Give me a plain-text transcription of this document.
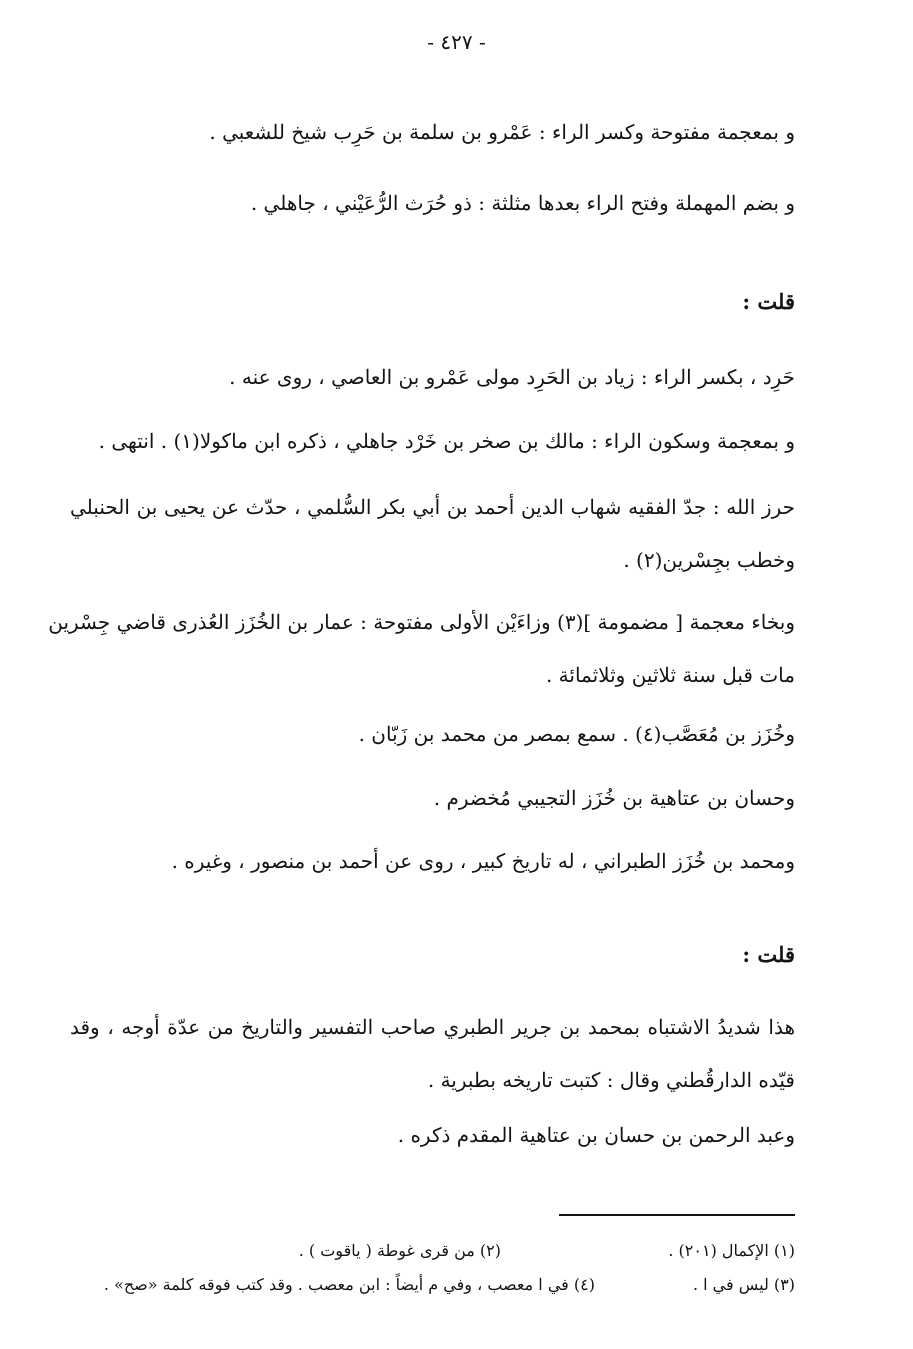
- ٤٢٧ -
و بمعجمة مفتوحة وكسر الراء : عَمْرو بن سلمة بن حَرِب شيخ للشعبي .
و بضم المهملة وفتح الراء بعدها مثلثة : ذو حُرَث الرُّعَيْني ، جاهلي .
قلت :
حَرِد ، بكسر الراء : زياد بن الحَرِد مولى عَمْرو بن العاصي ، روى عنه .
و بمعجمة وسكون الراء : مالك بن صخر بن خَرْد جاهلي ، ذكره ابن ماكولا(١) . انتهى .
حرز الله : جدّ الفقيه شهاب الدين أحمد بن أبي بكر السُّلمي ، حدّث عن يحيى بن الحنبلي
وخطب بجِسْرين(٢) .
وبخاء معجمة [ مضمومة ](٣) وزاءَيْن الأولى مفتوحة : عمار بن الخُزَز العُذرى قاضي جِسْرين
مات قبل سنة ثلاثين وثلاثمائة .
وخُزَز بن مُعَصَّب(٤) . سمع بمصر من محمد بن زَبّان .
وحسان بن عتاهية بن خُزَز التجيبي مُخضرم .
ومحمد بن خُزَز الطبراني ، له تاريخ كبير ، روى عن أحمد بن منصور ، وغيره .
قلت :
هذا شديدُ الاشتباه بمحمد بن جرير الطبري صاحب التفسير والتاريخ من عدّة أوجه ، وقد
قيّده الدارقُطني وقال : كتبت تاريخه بطبرية .
وعبد الرحمن بن حسان بن عتاهية المقدم ذكره .
(١) الإكمال (٢٠١) .
(٢) من قرى غوطة ( ياقوت ) .
(٣) ليس في ا .
(٤) في ا معصب ، وفي م أيضاً : ابن معصب . وقد كتب فوقه كلمة «صح» .
